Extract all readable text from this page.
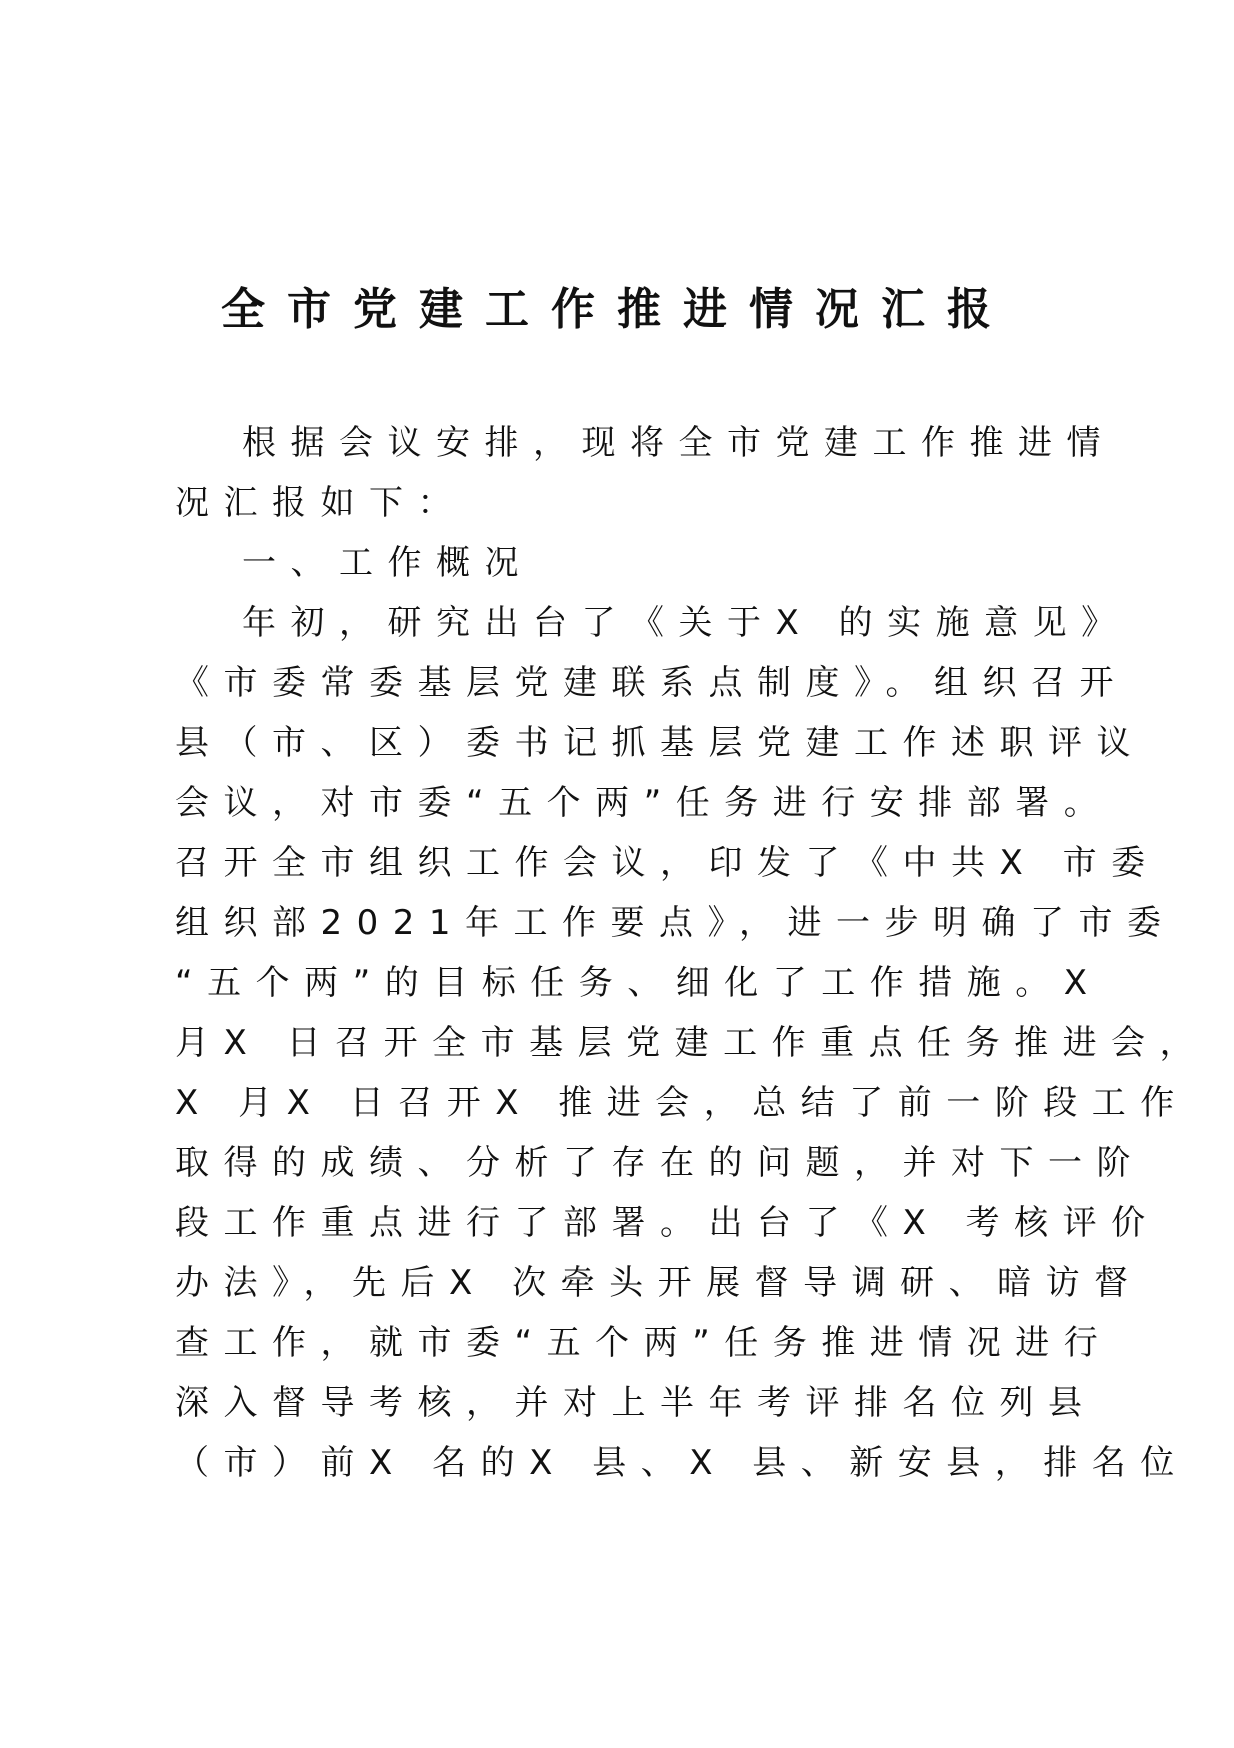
全市党建工作推进情况汇报

根据会议安排，现将全市党建工作推进情

况汇报如下：

一、工作概况

年初，研究出台了《关于X 的实施意见》

《市委常委基层党建联系点制度》。组织召开

县（市、区）委书记抓基层党建工作述职评议

会议，对市委“五个两”任务进行安排部署。

召开全市组织工作会议，印发了《中共X 市委

组织部2021年工作要点》，进一步明确了市委

“五个两”的目标任务、细化了工作措施。X

月X 日召开全市基层党建工作重点任务推进会，

X 月X 日召开X 推进会，总结了前一阶段工作

取得的成绩、分析了存在的问题，并对下一阶

段工作重点进行了部署。出台了《X 考核评价

办法》，先后X 次牵头开展督导调研、暗访督

查工作，就市委“五个两”任务推进情况进行

深入督导考核，并对上半年考评排名位列县

（市）前X 名的X 县、X 县、新安县，排名位
